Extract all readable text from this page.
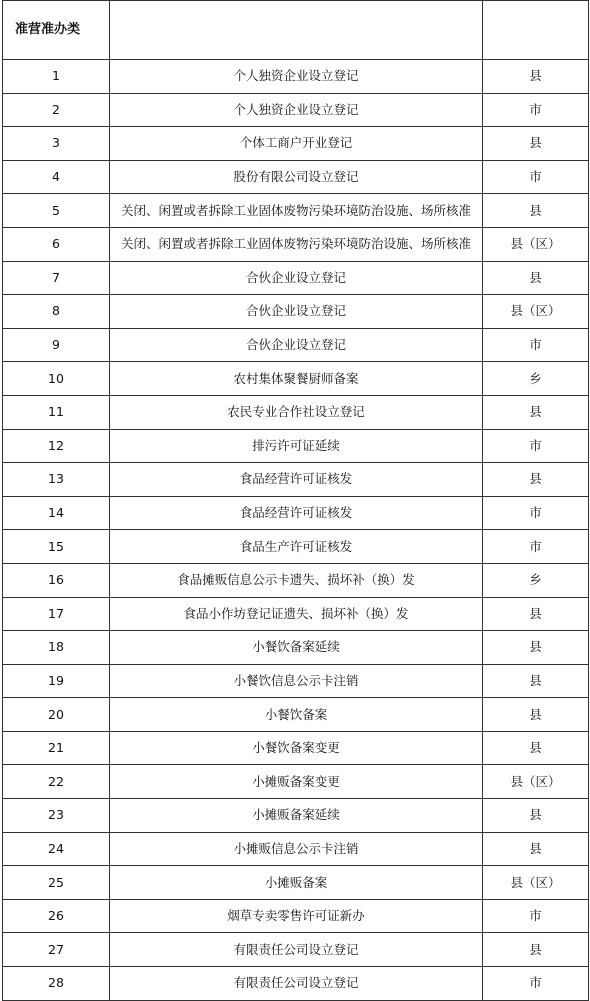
准营准办类		
1	个人独资企业设立登记	县
2	个人独资企业设立登记	市
3	个体工商户开业登记	县
4	股份有限公司设立登记	市
5	关闭、闲置或者拆除工业固体废物污染环境防治设施、场所核准	县
6	关闭、闲置或者拆除工业固体废物污染环境防治设施、场所核准	县（区）
7	合伙企业设立登记	县
8	合伙企业设立登记	县（区）
9	合伙企业设立登记	市
10	农村集体聚餐厨师备案	乡
11	农民专业合作社设立登记	县
12	排污许可证延续	市
13	食品经营许可证核发	县
14	食品经营许可证核发	市
15	食品生产许可证核发	市
16	食品摊贩信息公示卡遗失、损坏补（换）发	乡
17	食品小作坊登记证遗失、损坏补（换）发	县
18	小餐饮备案延续	县
19	小餐饮信息公示卡注销	县
20	小餐饮备案	县
21	小餐饮备案变更	县
22	小摊贩备案变更	县（区）
23	小摊贩备案延续	县
24	小摊贩信息公示卡注销	县
25	小摊贩备案	县（区）
26	烟草专卖零售许可证新办	市
27	有限责任公司设立登记	县
28	有限责任公司设立登记	市
